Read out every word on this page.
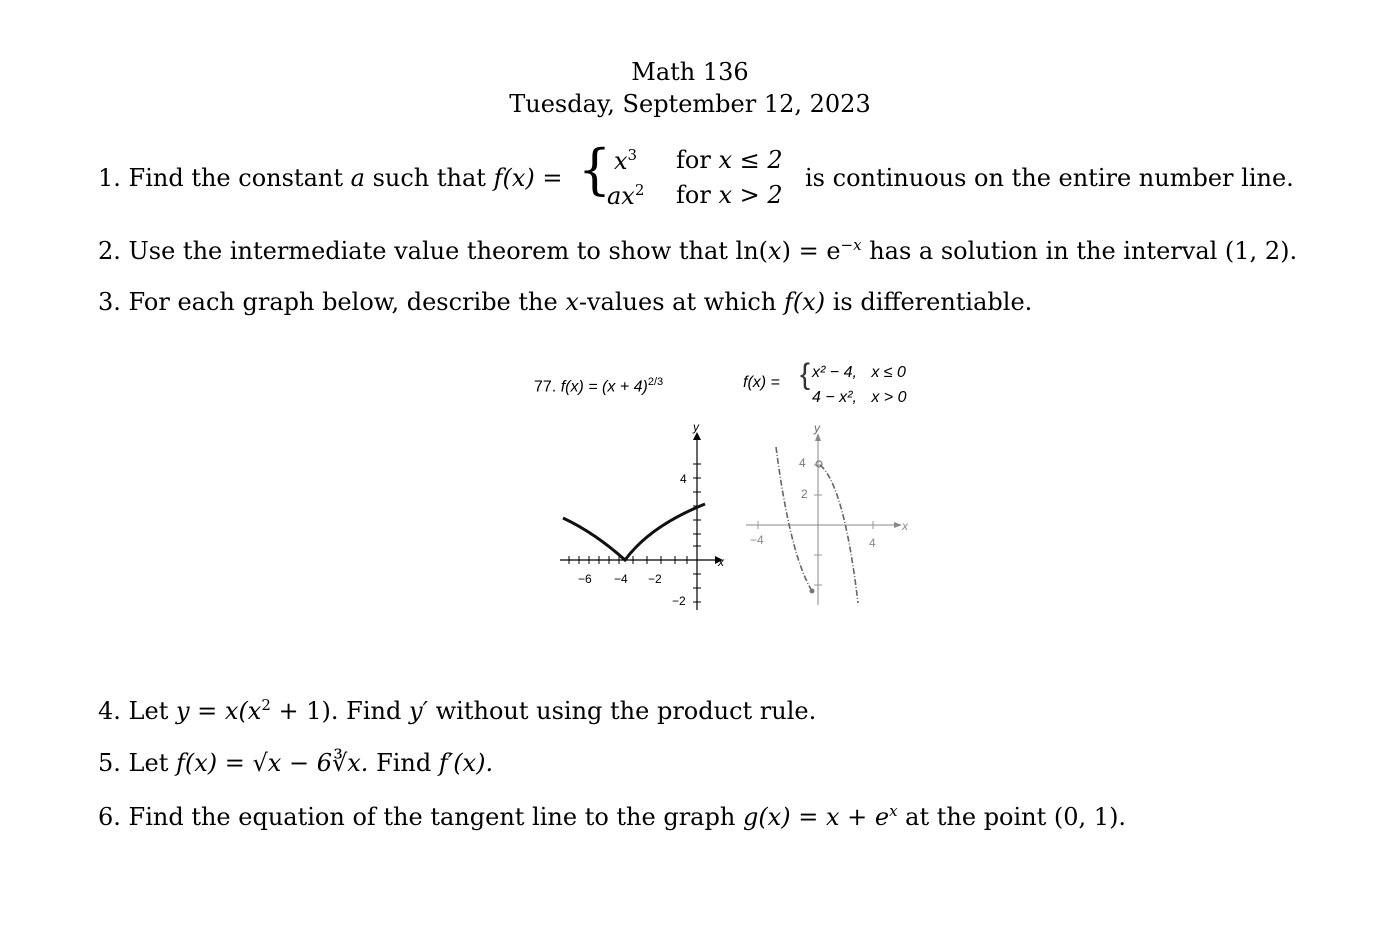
Math 136
Tuesday, September 12, 2023
1. Find the constant a such that f(x) = { $x^3$ for x ≤ 2
$ax^2$ for x > 2
is continuous on the entire number line.
2. Use the intermediate value theorem to show that $\ln(x) = e^{-x}$ has a solution in the interval (1, 2).
3. For each graph below, describe the x-values at which f(x) is differentiable.
77. $f(x) = (x + 4)^{2/3}$
y
x
−6 −4 −2
4
−2
f(x) = { x² − 4, x ≤ 0
4 − x², x > 0
y
x
4
2
−4	4
4. Let $y = x(x^2 + 1)$. Find y′ without using the product rule.
5. Let f(x) = √x − 6∛x. Find f′(x).
6. Find the equation of the tangent line to the graph $g(x) = x + e^x$ at the point (0, 1).
